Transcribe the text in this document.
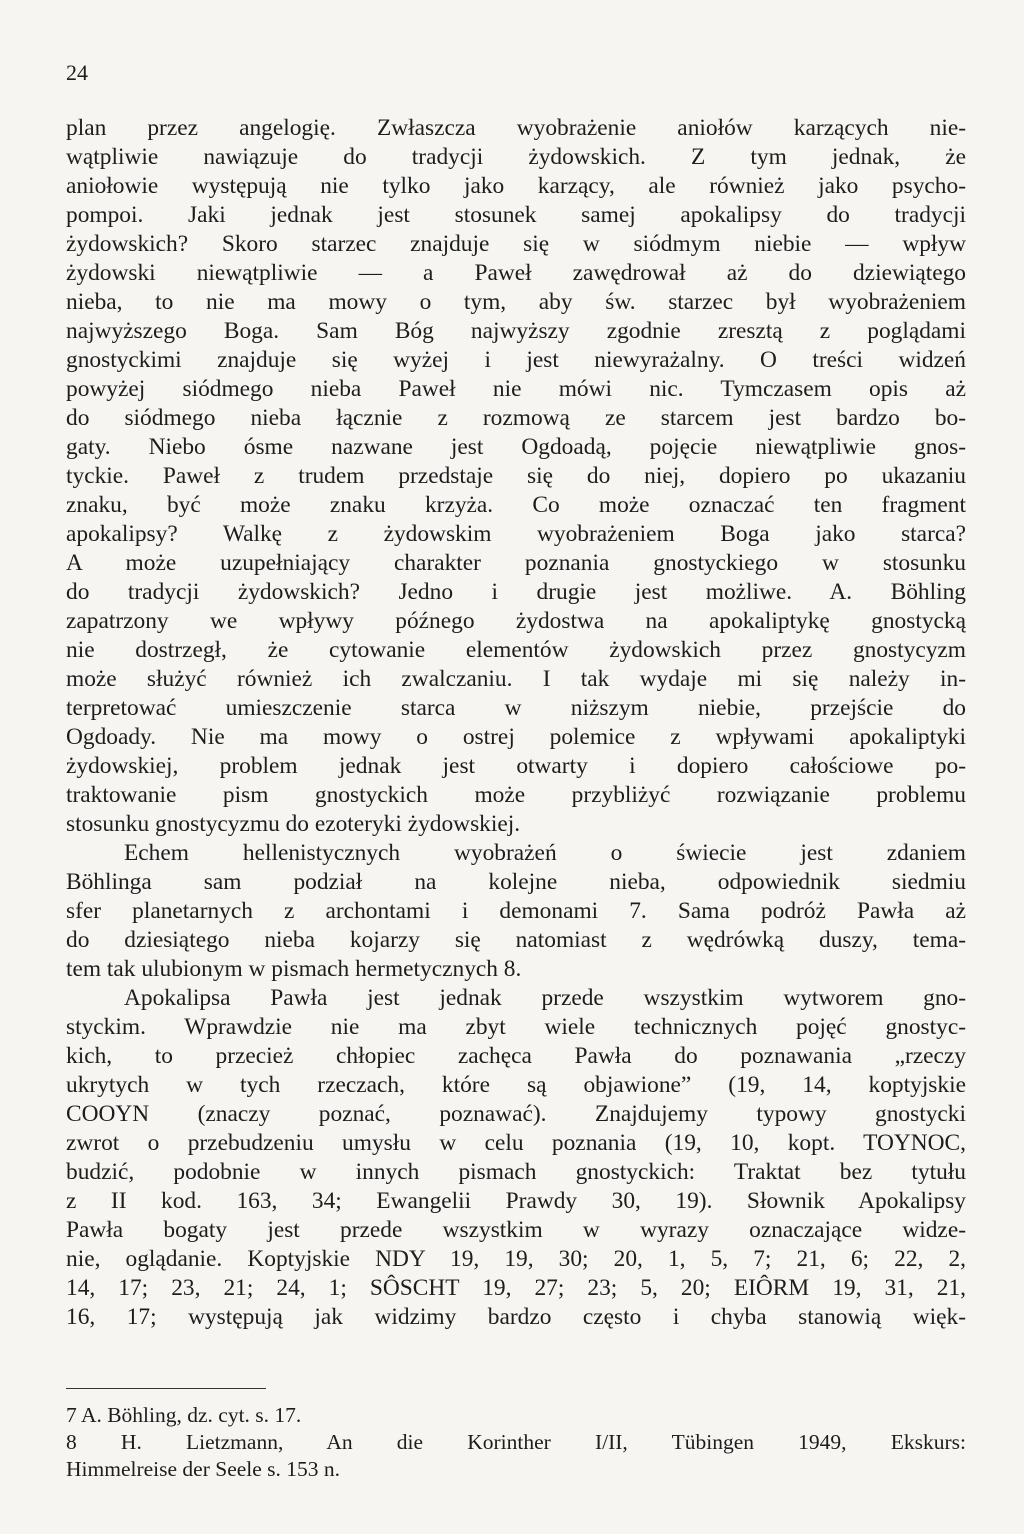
24
plan przez angelogię. Zwłaszcza wyobrażenie aniołów karzących nie-
wątpliwie nawiązuje do tradycji żydowskich. Z tym jednak, że
aniołowie występują nie tylko jako karzący, ale również jako psycho-
pompoi. Jaki jednak jest stosunek samej apokalipsy do tradycji
żydowskich? Skoro starzec znajduje się w siódmym niebie — wpływ
żydowski niewątpliwie — a Paweł zawędrował aż do dziewiątego
nieba, to nie ma mowy o tym, aby św. starzec był wyobrażeniem
najwyższego Boga. Sam Bóg najwyższy zgodnie zresztą z poglądami
gnostyckimi znajduje się wyżej i jest niewyrażalny. O treści widzeń
powyżej siódmego nieba Paweł nie mówi nic. Tymczasem opis aż
do siódmego nieba łącznie z rozmową ze starcem jest bardzo bo-
gaty. Niebo ósme nazwane jest Ogdoadą, pojęcie niewątpliwie gnos-
tyckie. Paweł z trudem przedstaje się do niej, dopiero po ukazaniu
znaku, być może znaku krzyża. Co może oznaczać ten fragment
apokalipsy? Walkę z żydowskim wyobrażeniem Boga jako starca?
A może uzupełniający charakter poznania gnostyckiego w stosunku
do tradycji żydowskich? Jedno i drugie jest możliwe. A. Böhling
zapatrzony we wpływy późnego żydostwa na apokaliptykę gnostycką
nie dostrzegł, że cytowanie elementów żydowskich przez gnostycyzm
może służyć również ich zwalczaniu. I tak wydaje mi się należy in-
terpretować umieszczenie starca w niższym niebie, przejście do
Ogdoady. Nie ma mowy o ostrej polemice z wpływami apokaliptyki
żydowskiej, problem jednak jest otwarty i dopiero całościowe po-
traktowanie pism gnostyckich może przybliżyć rozwiązanie problemu
stosunku gnostycyzmu do ezoteryki żydowskiej.
Echem hellenistycznych wyobrażeń o świecie jest zdaniem
Böhlinga sam podział na kolejne nieba, odpowiednik siedmiu
sfer planetarnych z archontami i demonami 7. Sama podróż Pawła aż
do dziesiątego nieba kojarzy się natomiast z wędrówką duszy, tema-
tem tak ulubionym w pismach hermetycznych 8.
Apokalipsa Pawła jest jednak przede wszystkim wytworem gno-
styckim. Wprawdzie nie ma zbyt wiele technicznych pojęć gnostyc-
kich, to przecież chłopiec zachęca Pawła do poznawania „rzeczy
ukrytych w tych rzeczach, które są objawione” (19, 14, koptyjskie
COOYN (znaczy poznać, poznawać). Znajdujemy typowy gnostycki
zwrot o przebudzeniu umysłu w celu poznania (19, 10, kopt. TOYNOC,
budzić, podobnie w innych pismach gnostyckich: Traktat bez tytułu
z II kod. 163, 34; Ewangelii Prawdy 30, 19). Słownik Apokalipsy
Pawła bogaty jest przede wszystkim w wyrazy oznaczające widze-
nie, oglądanie. Koptyjskie NDY 19, 19, 30; 20, 1, 5, 7; 21, 6; 22, 2,
14, 17; 23, 21; 24, 1; SÔSCHT 19, 27; 23; 5, 20; EIÔRM 19, 31, 21,
16, 17; występują jak widzimy bardzo często i chyba stanowią więk-
7 A. Böhling, dz. cyt. s. 17.
8 H. Lietzmann, An die Korinther I/II, Tübingen 1949, Ekskurs:
Himmelreise der Seele s. 153 n.
